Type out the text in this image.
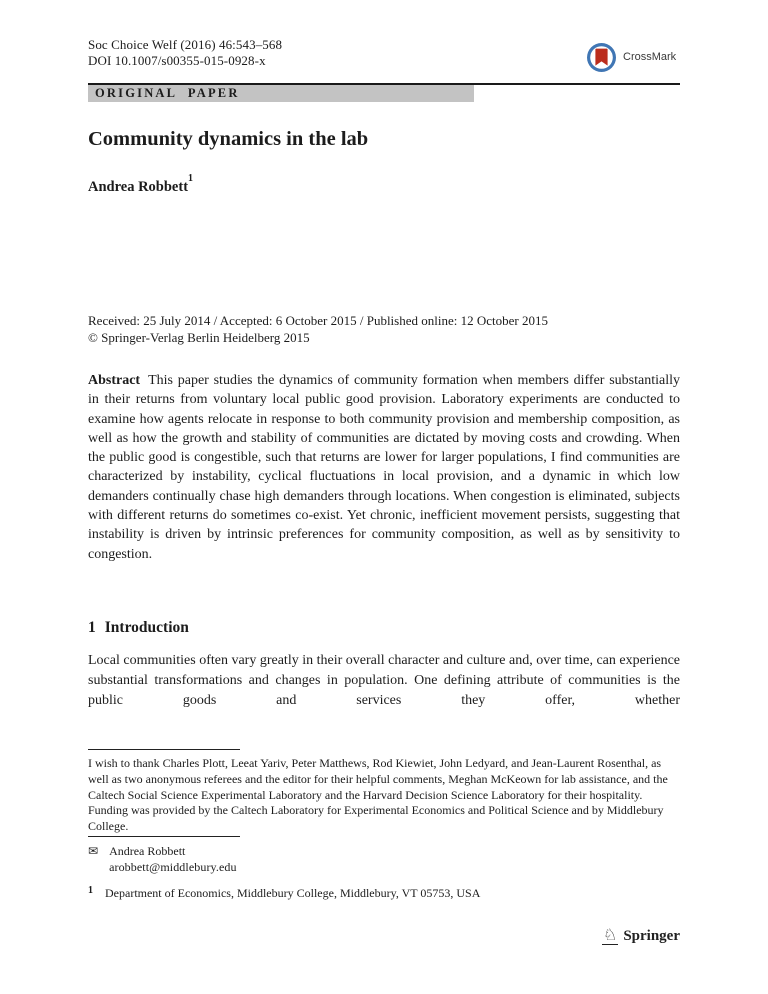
Soc Choice Welf (2016) 46:543–568
DOI 10.1007/s00355-015-0928-x	CrossMark
ORIGINAL PAPER
Community dynamics in the lab
Andrea Robbett$^1$
Received: 25 July 2014 / Accepted: 6 October 2015 / Published online: 12 October 2015
© Springer-Verlag Berlin Heidelberg 2015

Abstract This paper studies the dynamics of community formation when members differ substantially in their returns from voluntary local public good provision. Laboratory experiments are conducted to examine how agents relocate in response to both community provision and membership composition, as well as how the growth and stability of communities are dictated by moving costs and crowding. When the public good is congestible, such that returns are lower for larger populations, I find communities are characterized by instability, cyclical fluctuations in local provision, and a dynamic in which low demanders continually chase high demanders through locations. When congestion is eliminated, subjects with different returns do sometimes co-exist. Yet chronic, inefficient movement persists, suggesting that instability is driven by intrinsic preferences for community composition, as well as by sensitivity to congestion.

1 Introduction

Local communities often vary greatly in their overall character and culture and, over time, can experience substantial transformations and changes in population. One defining attribute of communities is the public goods and services they offer, whether

I wish to thank Charles Plott, Leeat Yariv, Peter Matthews, Rod Kiewiet, John Ledyard, and Jean-Laurent Rosenthal, as well as two anonymous referees and the editor for their helpful comments, Meghan McKeown for lab assistance, and the Caltech Social Science Experimental Laboratory and the Harvard Decision Science Laboratory for their hospitality. Funding was provided by the Caltech Laboratory for Experimental Economics and Political Science and by Middlebury College.
✉ Andrea Robbett
arobbett@middlebury.edu
$^1$ Department of Economics, Middlebury College, Middlebury, VT 05753, USA
♘ Springer
